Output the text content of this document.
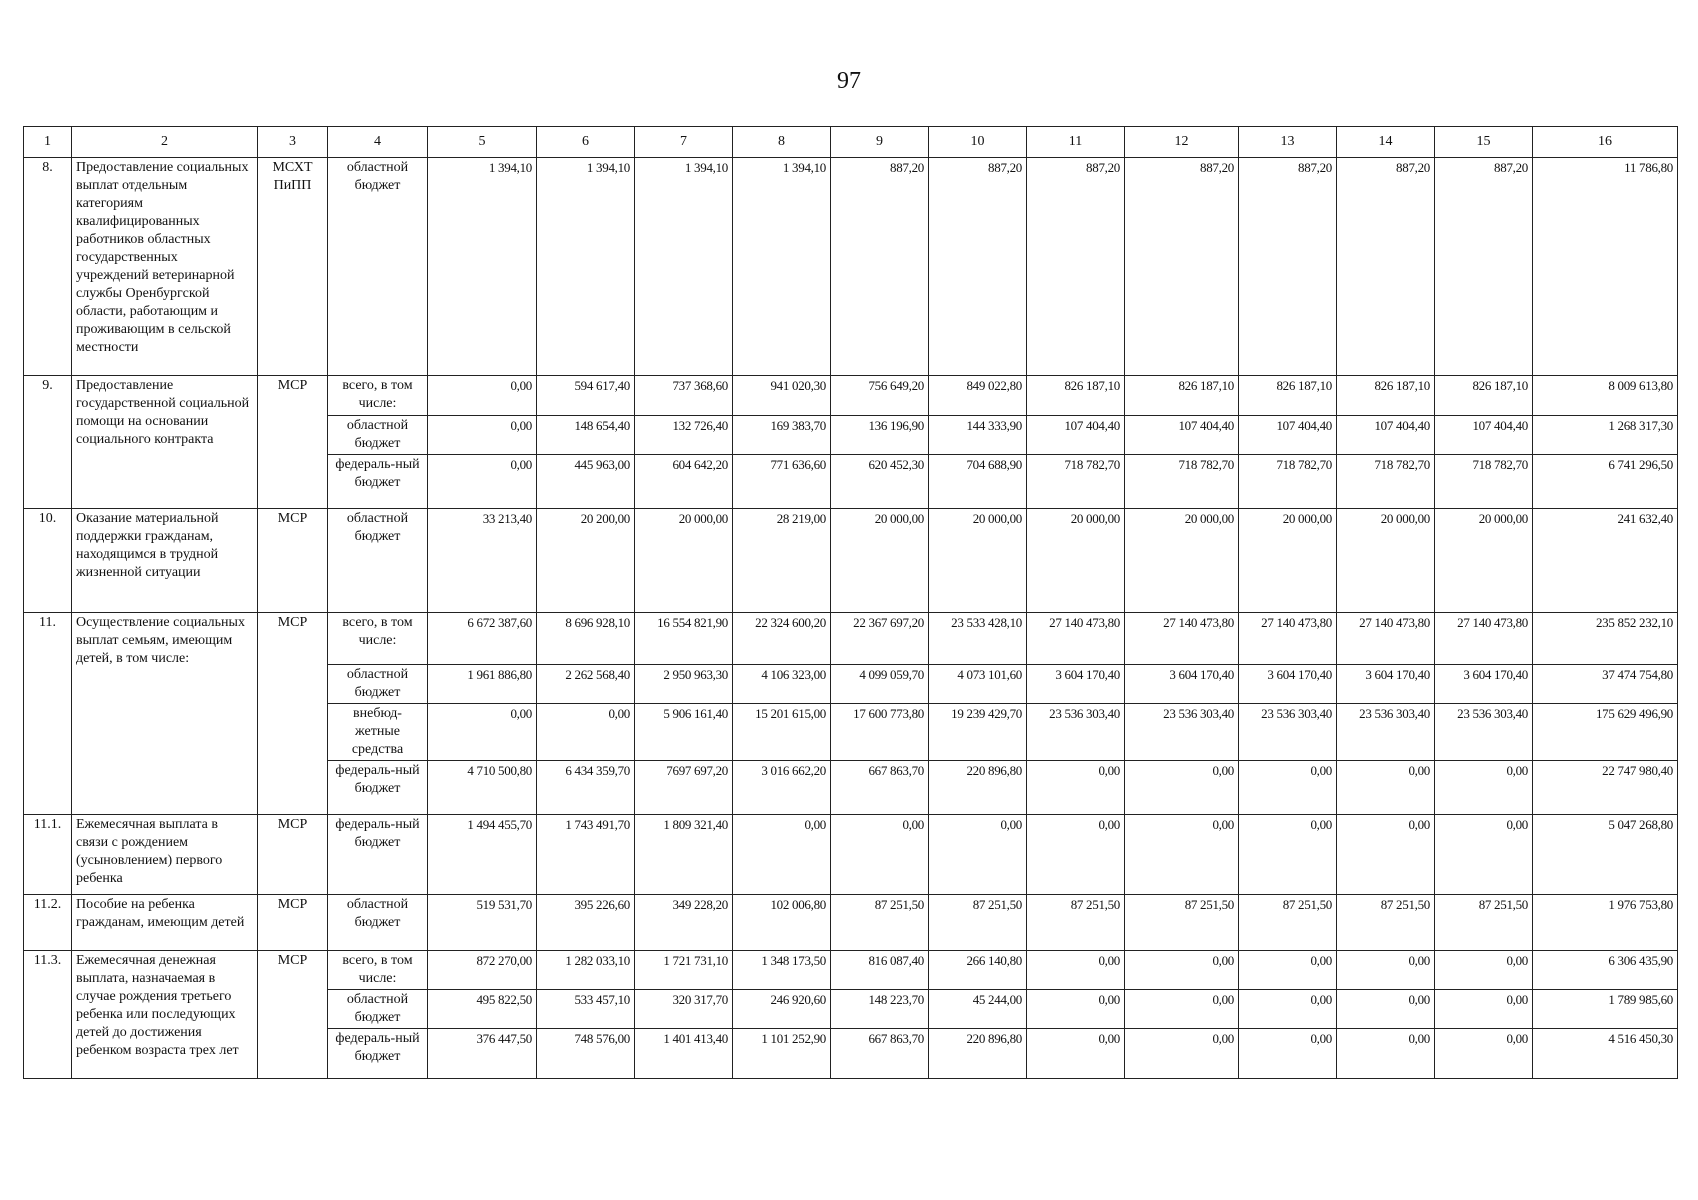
97
1	2	3	4	5	6	7	8	9	10	11	12	13	14	15	16
8.	Предоставление социальных выплат отдельным категориям квалифицированных работников областных государственных учреждений ветеринарной службы Оренбургской области, работающим и проживающим в сельской местности	МСХТ ПиПП	областной бюджет	1 394,10	1 394,10	1 394,10	1 394,10	887,20	887,20	887,20	887,20	887,20	887,20	887,20	11 786,80
9.	Предоставление государственной социальной помощи на основании социального контракта	МСР	всего, в том числе:	0,00	594 617,40	737 368,60	941 020,30	756 649,20	849 022,80	826 187,10	826 187,10	826 187,10	826 187,10	826 187,10	8 009 613,80
			областной бюджет	0,00	148 654,40	132 726,40	169 383,70	136 196,90	144 333,90	107 404,40	107 404,40	107 404,40	107 404,40	107 404,40	1 268 317,30
			федераль-ный бюджет	0,00	445 963,00	604 642,20	771 636,60	620 452,30	704 688,90	718 782,70	718 782,70	718 782,70	718 782,70	718 782,70	6 741 296,50
10.	Оказание материальной поддержки гражданам, находящимся в трудной жизненной ситуации	МСР	областной бюджет	33 213,40	20 200,00	20 000,00	28 219,00	20 000,00	20 000,00	20 000,00	20 000,00	20 000,00	20 000,00	20 000,00	241 632,40
11.	Осуществление социальных выплат семьям, имеющим детей, в том числе:	МСР	всего, в том числе:	6 672 387,60	8 696 928,10	16 554 821,90	22 324 600,20	22 367 697,20	23 533 428,10	27 140 473,80	27 140 473,80	27 140 473,80	27 140 473,80	27 140 473,80	235 852 232,10
			областной бюджет	1 961 886,80	2 262 568,40	2 950 963,30	4 106 323,00	4 099 059,70	4 073 101,60	3 604 170,40	3 604 170,40	3 604 170,40	3 604 170,40	3 604 170,40	37 474 754,80
			внебюд-жетные средства	0,00	0,00	5 906 161,40	15 201 615,00	17 600 773,80	19 239 429,70	23 536 303,40	23 536 303,40	23 536 303,40	23 536 303,40	23 536 303,40	175 629 496,90
			федераль-ный бюджет	4 710 500,80	6 434 359,70	7697 697,20	3 016 662,20	667 863,70	220 896,80	0,00	0,00	0,00	0,00	0,00	22 747 980,40
11.1.	Ежемесячная выплата в связи с рождением (усыновлением) первого ребенка	МСР	федераль-ный бюджет	1 494 455,70	1 743 491,70	1 809 321,40	0,00	0,00	0,00	0,00	0,00	0,00	0,00	0,00	5 047 268,80
11.2.	Пособие на ребенка гражданам, имеющим детей	МСР	областной бюджет	519 531,70	395 226,60	349 228,20	102 006,80	87 251,50	87 251,50	87 251,50	87 251,50	87 251,50	87 251,50	87 251,50	1 976 753,80
11.3.	Ежемесячная денежная выплата, назначаемая в случае рождения третьего ребенка или последующих детей до достижения ребенком возраста трех лет	МСР	всего, в том числе:	872 270,00	1 282 033,10	1 721 731,10	1 348 173,50	816 087,40	266 140,80	0,00	0,00	0,00	0,00	0,00	6 306 435,90
			областной бюджет	495 822,50	533 457,10	320 317,70	246 920,60	148 223,70	45 244,00	0,00	0,00	0,00	0,00	0,00	1 789 985,60
			федераль-ный бюджет	376 447,50	748 576,00	1 401 413,40	1 101 252,90	667 863,70	220 896,80	0,00	0,00	0,00	0,00	0,00	4 516 450,30
